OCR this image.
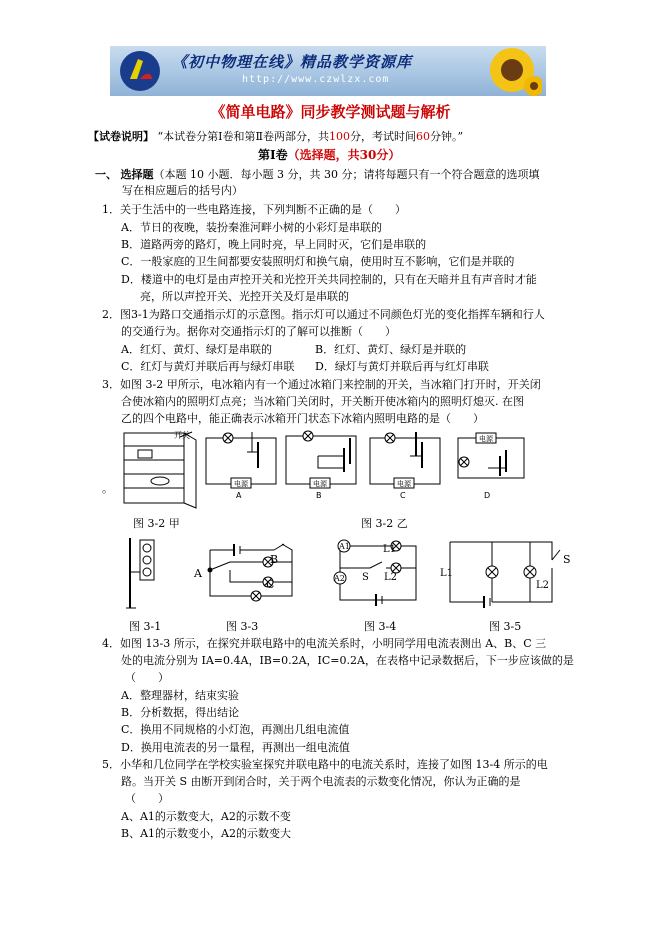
《初中物理在线》精品教学资源库
http://www.czwlzx.com
《简单电路》同步教学测试题与解析
【试卷说明】 “本试卷分第Ⅰ卷和第Ⅱ卷两部分，共100分，考试时间60分钟。”
第Ⅰ卷（选择题，共30分）
一、 选择题（本题 10 小题．每小题 3 分，共 30 分；请将每题只有一个符合题意的选项填
写在相应题后的括号内）
1．关于生活中的一些电路连接，下列判断不正确的是（　　）
A．节日的夜晚，装扮秦淮河畔小树的小彩灯是串联的
B．道路两旁的路灯，晚上同时亮，早上同时灭，它们是串联的
C．一般家庭的卫生间都要安装照明灯和换气扇，使用时互不影响，它们是并联的
D．楼道中的电灯是由声控开关和光控开关共同控制的，只有在天暗并且有声音时才能
亮，所以声控开关、光控开关及灯是串联的
2．图3-1为路口交通指示灯的示意图。指示灯可以通过不同颜色灯光的变化指挥车辆和行人
的交通行为。据你对交通指示灯的了解可以推断（　　）
A．红灯、黄灯、绿灯是串联的	B．红灯、黄灯、绿灯是并联的
C．红灯与黄灯并联后再与绿灯串联 D．绿灯与黄灯并联后再与红灯串联
3．如图 3-2 甲所示，电冰箱内有一个通过冰箱门来控制的开关，当冰箱门打开时，开关闭
合使冰箱内的照明灯点亮；当冰箱门关闭时，开关断开使冰箱内的照明灯熄灭. 在图
乙的四个电路中，能正确表示冰箱开门状态下冰箱内照明电路的是（　　）
。
开关
电源
A
电源
B
电源
C
电源
D
图 3-2 甲	图 3-2 乙
图 3-1
A
B
C
图 3-3
A1
A2
L1
L2
S
图 3-4
L1
L2
S
图 3-5
4．如图 13-3 所示，在探究并联电路中的电流关系时，小明同学用电流表测出 A、B、C 三
处的电流分别为 IA=0.4A，IB=0.2A，IC=0.2A，在表格中记录数据后，下一步应该做的是
（　　）
A．整理器材，结束实验
B．分析数据，得出结论
C．换用不同规格的小灯泡，再测出几组电流值
D．换用电流表的另一量程，再测出一组电流值
5．小华和几位同学在学校实验室探究并联电路中的电流关系时，连接了如图 13-4 所示的电
路。当开关 S 由断开到闭合时，关于两个电流表的示数变化情况，你认为正确的是
（　　）
A、A1的示数变大，A2的示数不变
B、A1的示数变小，A2的示数变大
